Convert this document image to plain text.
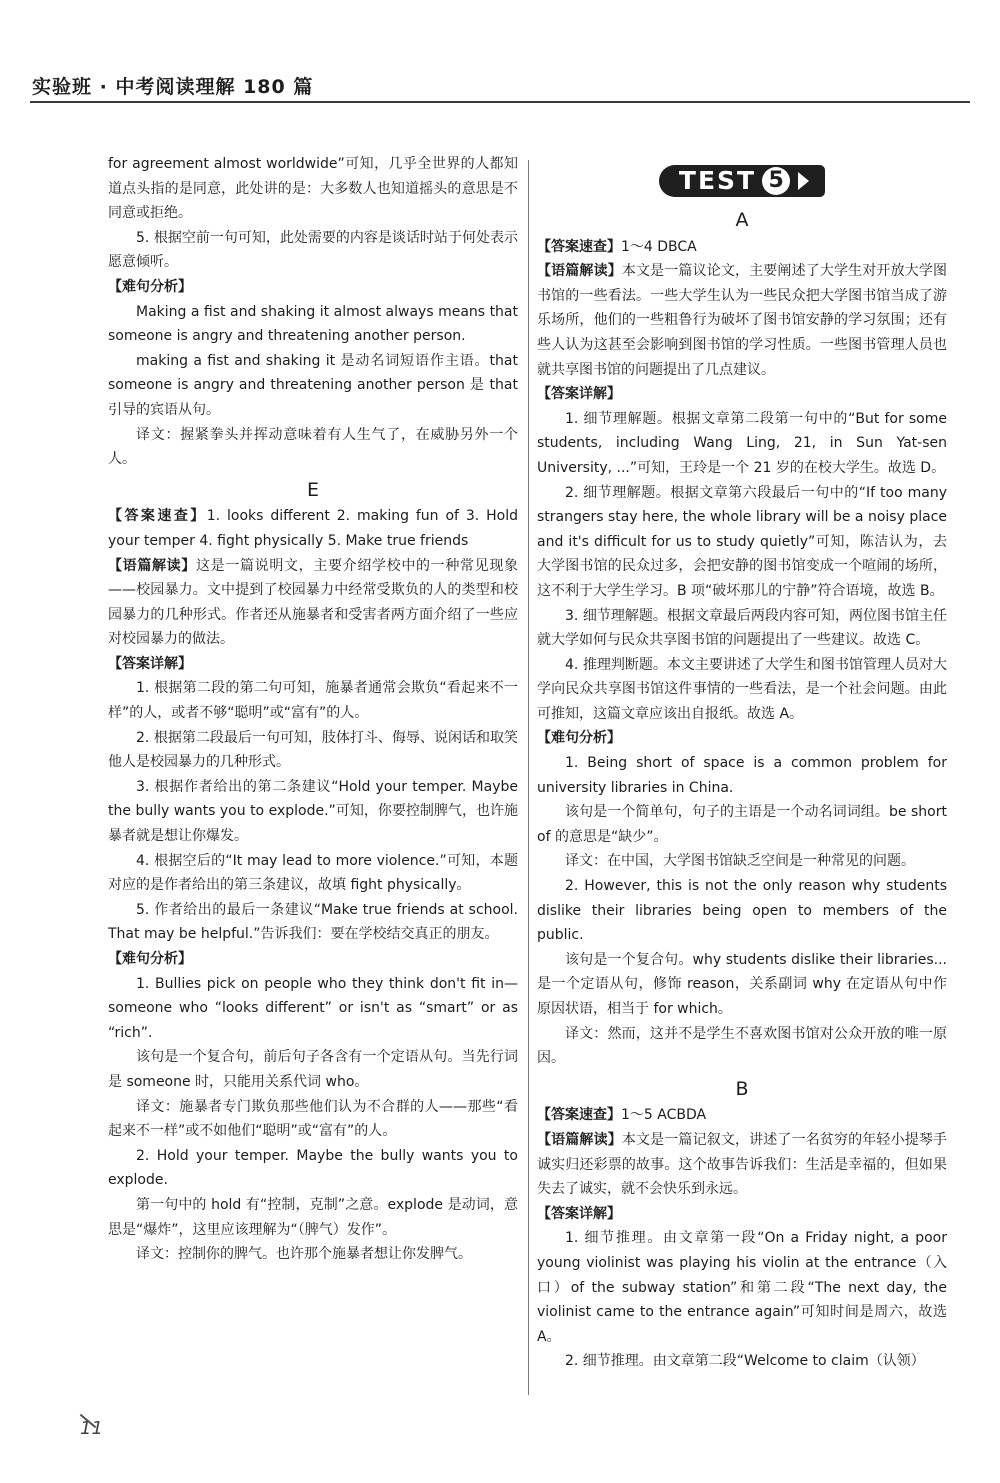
实验班 · 中考阅读理解 180 篇

for agreement almost worldwide”可知，几乎全世界的人都知道点头指的是同意，此处讲的是：大多数人也知道摇头的意思是不同意或拒绝。

5. 根据空前一句可知，此处需要的内容是谈话时站于何处表示愿意倾听。

【难句分析】

Making a fist and shaking it almost always means that someone is angry and threatening another person.

making a fist and shaking it 是动名词短语作主语。that someone is angry and threatening another person 是 that 引导的宾语从句。

译文：握紧拳头并挥动意味着有人生气了，在威胁另外一个人。

E

【答案速查】1. looks different 2. making fun of 3. Hold your temper 4. fight physically 5. Make true friends

【语篇解读】这是一篇说明文，主要介绍学校中的一种常见现象——校园暴力。文中提到了校园暴力中经常受欺负的人的类型和校园暴力的几种形式。作者还从施暴者和受害者两方面介绍了一些应对校园暴力的做法。

【答案详解】

1. 根据第二段的第二句可知，施暴者通常会欺负“看起来不一样”的人，或者不够“聪明”或“富有”的人。

2. 根据第二段最后一句可知，肢体打斗、侮辱、说闲话和取笑他人是校园暴力的几种形式。

3. 根据作者给出的第二条建议“Hold your temper. Maybe the bully wants you to explode.”可知，你要控制脾气，也许施暴者就是想让你爆发。

4. 根据空后的“It may lead to more violence.”可知，本题对应的是作者给出的第三条建议，故填 fight physically。

5. 作者给出的最后一条建议“Make true friends at school. That may be helpful.”告诉我们：要在学校结交真正的朋友。

【难句分析】

1. Bullies pick on people who they think don't fit in—someone who “looks different” or isn't as “smart” or as “rich”.

该句是一个复合句，前后句子各含有一个定语从句。当先行词是 someone 时，只能用关系代词 who。

译文：施暴者专门欺负那些他们认为不合群的人——那些“看起来不一样”或不如他们“聪明”或“富有”的人。

2. Hold your temper. Maybe the bully wants you to explode.

第一句中的 hold 有“控制，克制”之意。explode 是动词，意思是“爆炸”，这里应该理解为“（脾气）发作”。

译文：控制你的脾气。也许那个施暴者想让你发脾气。

TEST 5
A

【答案速查】1～4 DBCA

【语篇解读】本文是一篇议论文，主要阐述了大学生对开放大学图书馆的一些看法。一些大学生认为一些民众把大学图书馆当成了游乐场所，他们的一些粗鲁行为破坏了图书馆安静的学习氛围；还有些人认为这甚至会影响到图书馆的学习性质。一些图书管理人员也就共享图书馆的问题提出了几点建议。

【答案详解】

1. 细节理解题。根据文章第二段第一句中的“But for some students, including Wang Ling, 21, in Sun Yat-sen University, ...”可知，王玲是一个 21 岁的在校大学生。故选 D。

2. 细节理解题。根据文章第六段最后一句中的“If too many strangers stay here, the whole library will be a noisy place and it's difficult for us to study quietly”可知，陈洁认为，去大学图书馆的民众过多，会把安静的图书馆变成一个喧闹的场所，这不利于大学生学习。B 项“破坏那儿的宁静”符合语境，故选 B。

3. 细节理解题。根据文章最后两段内容可知，两位图书馆主任就大学如何与民众共享图书馆的问题提出了一些建议。故选 C。

4. 推理判断题。本文主要讲述了大学生和图书馆管理人员对大学向民众共享图书馆这件事情的一些看法，是一个社会问题。由此可推知，这篇文章应该出自报纸。故选 A。

【难句分析】

1. Being short of space is a common problem for university libraries in China.

该句是一个简单句，句子的主语是一个动名词词组。be short of 的意思是“缺少”。

译文：在中国，大学图书馆缺乏空间是一种常见的问题。

2. However, this is not the only reason why students dislike their libraries being open to members of the public.

该句是一个复合句。why students dislike their libraries... 是一个定语从句，修饰 reason，关系副词 why 在定语从句中作原因状语，相当于 for which。

译文：然而，这并不是学生不喜欢图书馆对公众开放的唯一原因。

B

【答案速查】1～5 ACBDA

【语篇解读】本文是一篇记叙文，讲述了一名贫穷的年轻小提琴手诚实归还彩票的故事。这个故事告诉我们：生活是幸福的，但如果失去了诚实，就不会快乐到永远。

【答案详解】

1. 细节推理。由文章第一段“On a Friday night, a poor young violinist was playing his violin at the entrance（入口）of the subway station”和第二段“The next day, the violinist came to the entrance again”可知时间是周六，故选 A。

2. 细节推理。由文章第二段“Welcome to claim（认领）

11
